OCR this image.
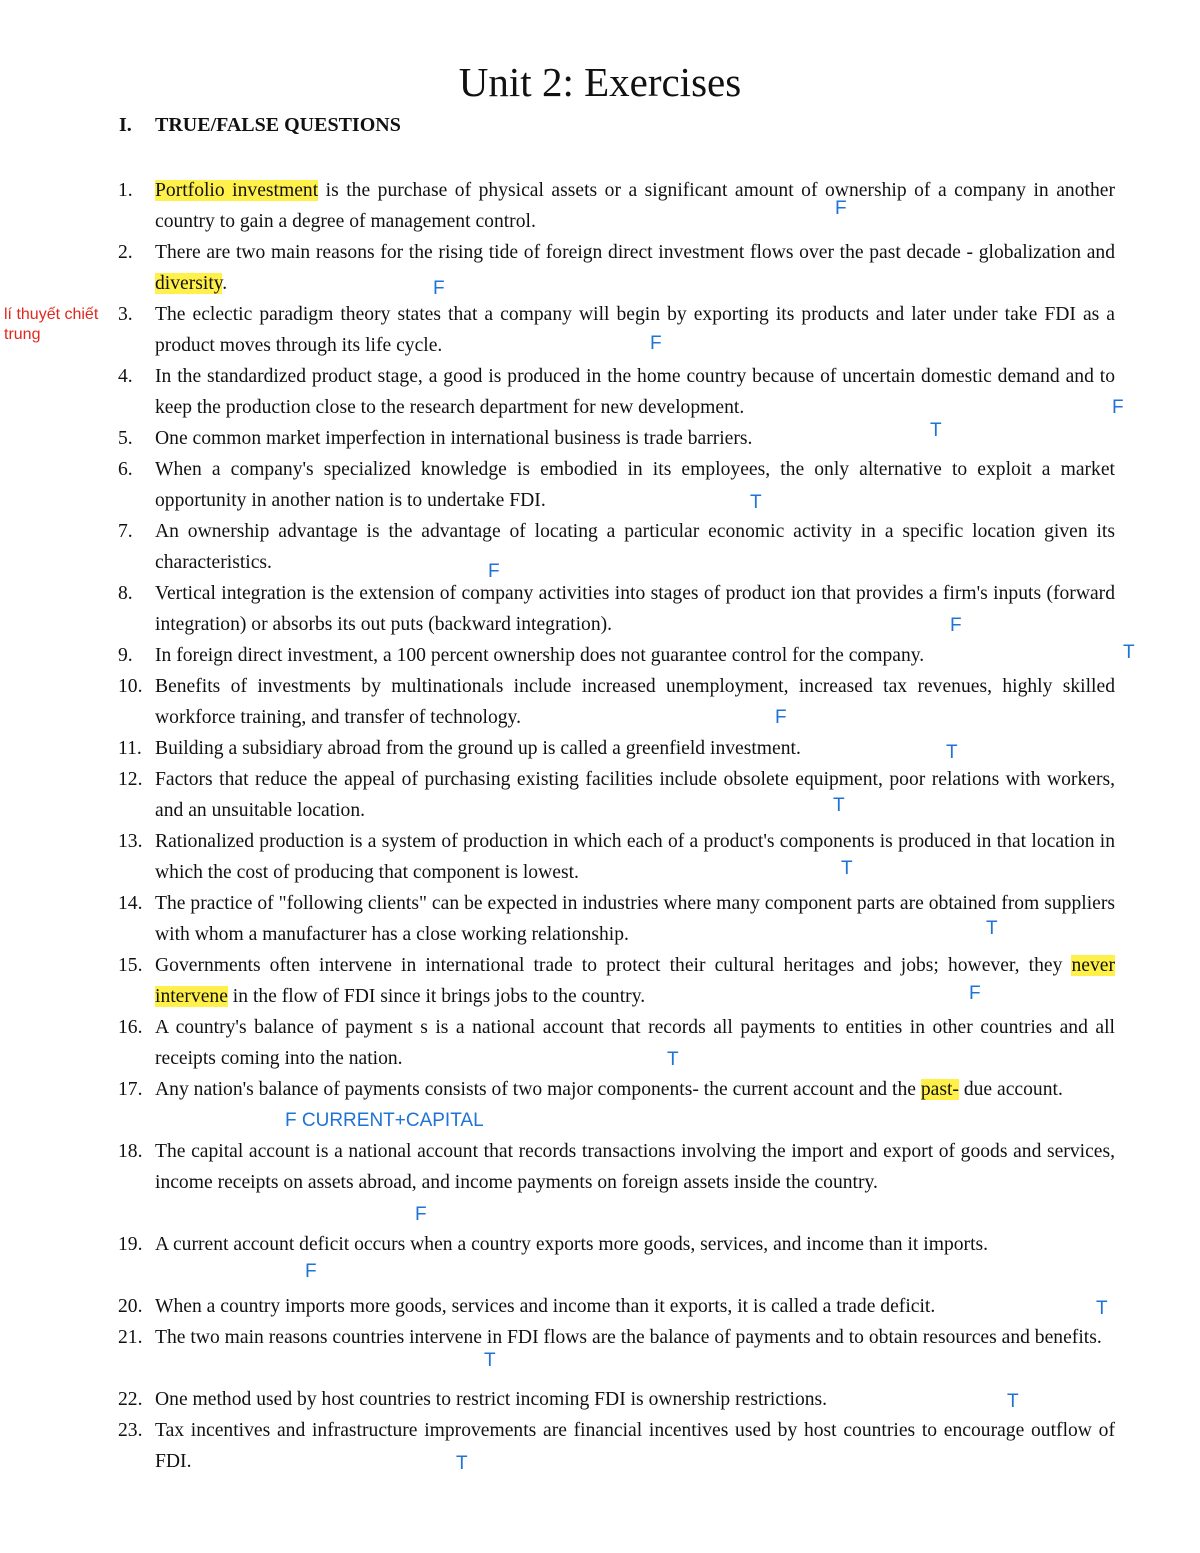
Unit 2: Exercises
I. TRUE/FALSE QUESTIONS
lí thuyết chiết trung
1. Portfolio investment is the purchase of physical assets or a significant amount of ownership of a company in another country to gain a degree of management control.
2. There are two main reasons for the rising tide of foreign direct investment flows over the past decade - globalization and diversity.
3. The eclectic paradigm theory states that a company will begin by exporting its products and later under take FDI as a product moves through its life cycle.
4. In the standardized product stage, a good is produced in the home country because of uncertain domestic demand and to keep the production close to the research department for new development.
5. One common market imperfection in international business is trade barriers.
6. When a company's specialized knowledge is embodied in its employees, the only alternative to exploit a market opportunity in another nation is to undertake FDI.
7. An ownership advantage is the advantage of locating a particular economic activity in a specific location given its characteristics.
8. Vertical integration is the extension of company activities into stages of product ion that provides a firm's inputs (forward integration) or absorbs its out puts (backward integration).
9. In foreign direct investment, a 100 percent ownership does not guarantee control for the company.
10. Benefits of investments by multinationals include increased unemployment, increased tax revenues, highly skilled workforce training, and transfer of technology.
11. Building a subsidiary abroad from the ground up is called a greenfield investment.
12. Factors that reduce the appeal of purchasing existing facilities include obsolete equipment, poor relations with workers, and an unsuitable location.
13. Rationalized production is a system of production in which each of a product's components is produced in that location in which the cost of producing that component is lowest.
14. The practice of "following clients" can be expected in industries where many component parts are obtained from suppliers with whom a manufacturer has a close working relationship.
15. Governments often intervene in international trade to protect their cultural heritages and jobs; however, they never intervene in the flow of FDI since it brings jobs to the country.
16. A country's balance of payment s is a national account that records all payments to entities in other countries and all receipts coming into the nation.
17. Any nation's balance of payments consists of two major components- the current account and the past- due account.
18. The capital account is a national account that records transactions involving the import and export of goods and services, income receipts on assets abroad, and income payments on foreign assets inside the country.
19. A current account deficit occurs when a country exports more goods, services, and income than it imports.
20. When a country imports more goods, services and income than it exports, it is called a trade deficit.
21. The two main reasons countries intervene in FDI flows are the balance of payments and to obtain resources and benefits.
22. One method used by host countries to restrict incoming FDI is ownership restrictions.
23. Tax incentives and infrastructure improvements are financial incentives used by host countries to encourage outflow of FDI.
F
F
F
F
T
T
F
F
T
F
T
T
T
T
F
T
F CURRENT+CAPITAL
F
F
T
T
T
T
